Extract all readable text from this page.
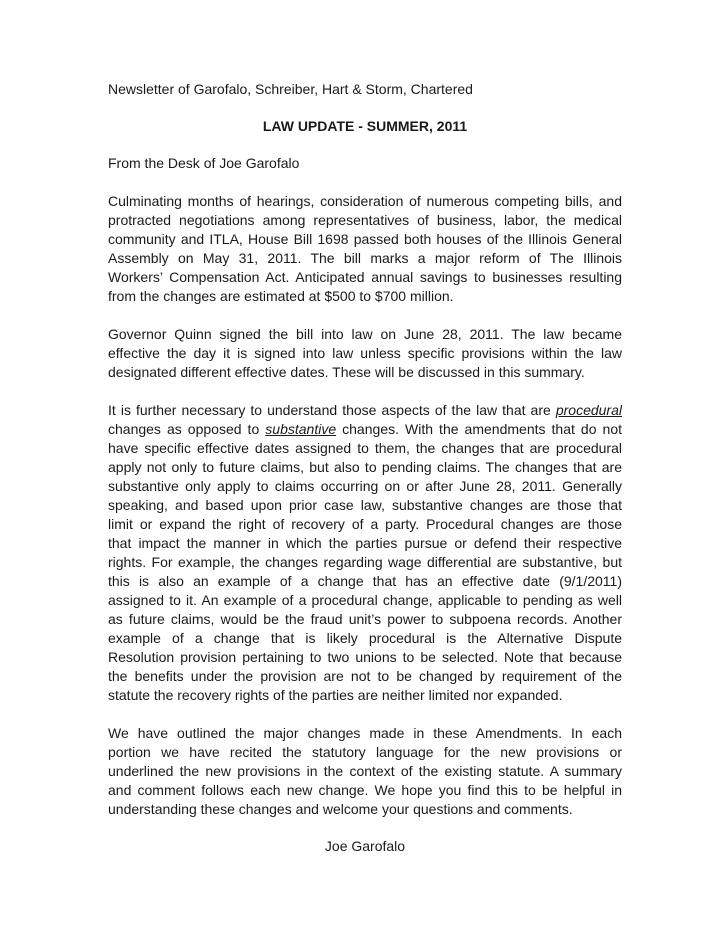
Newsletter of Garofalo, Schreiber, Hart & Storm, Chartered
LAW UPDATE - SUMMER, 2011
From the Desk of Joe Garofalo
Culminating months of hearings, consideration of numerous competing bills, and
protracted negotiations among representatives of business, labor, the medical
community and ITLA, House Bill 1698 passed both houses of the Illinois General
Assembly on May 31, 2011. The bill marks a major reform of The Illinois
Workers’ Compensation Act. Anticipated annual savings to businesses resulting
from the changes are estimated at $500 to $700 million.
Governor Quinn signed the bill into law on June 28, 2011. The law became
effective the day it is signed into law unless specific provisions within the law
designated different effective dates. These will be discussed in this summary.
It is further necessary to understand those aspects of the law that are procedural
changes as opposed to substantive changes. With the amendments that do not
have specific effective dates assigned to them, the changes that are procedural
apply not only to future claims, but also to pending claims. The changes that are
substantive only apply to claims occurring on or after June 28, 2011. Generally
speaking, and based upon prior case law, substantive changes are those that
limit or expand the right of recovery of a party. Procedural changes are those
that impact the manner in which the parties pursue or defend their respective
rights. For example, the changes regarding wage differential are substantive, but
this is also an example of a change that has an effective date (9/1/2011)
assigned to it. An example of a procedural change, applicable to pending as well
as future claims, would be the fraud unit’s power to subpoena records. Another
example of a change that is likely procedural is the Alternative Dispute
Resolution provision pertaining to two unions to be selected. Note that because
the benefits under the provision are not to be changed by requirement of the
statute the recovery rights of the parties are neither limited nor expanded.
We have outlined the major changes made in these Amendments. In each
portion we have recited the statutory language for the new provisions or
underlined the new provisions in the context of the existing statute. A summary
and comment follows each new change. We hope you find this to be helpful in
understanding these changes and welcome your questions and comments.
Joe Garofalo
